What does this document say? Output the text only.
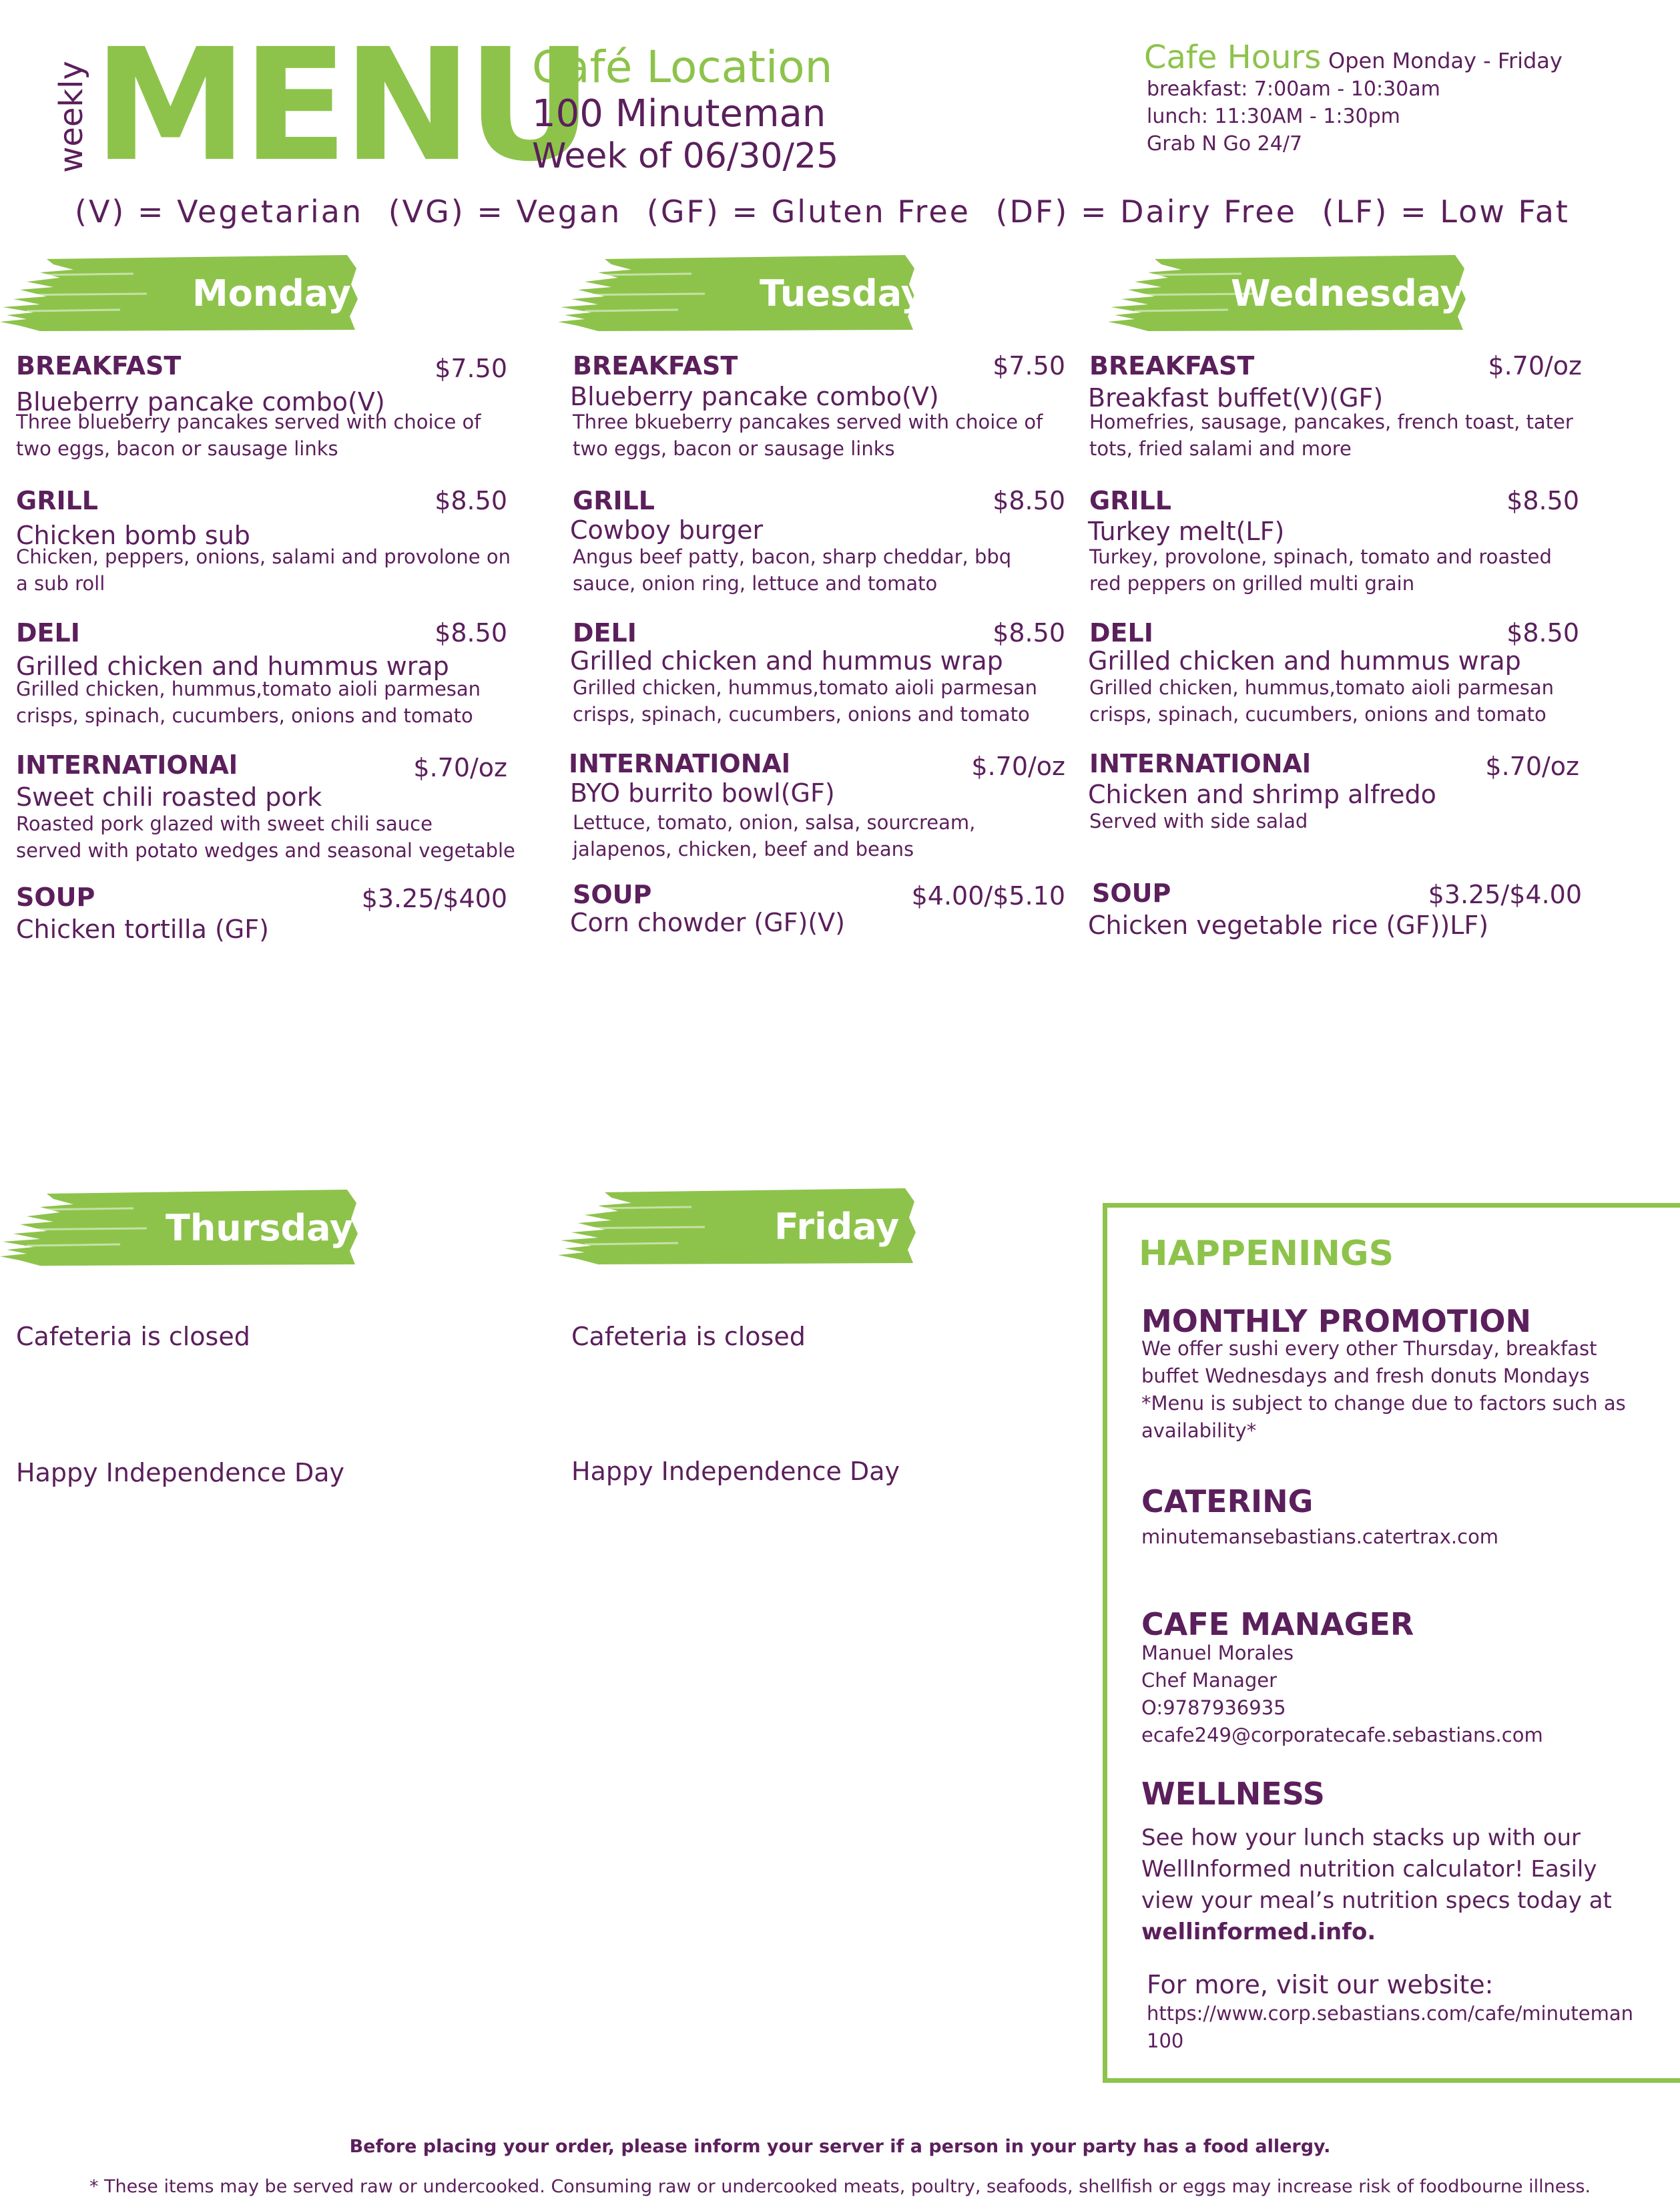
weekly MENU
Café Location
100 Minuteman
Week of 06/30/25
Cafe Hours Open Monday - Friday
breakfast: 7:00am - 10:30am
lunch: 11:30AM - 1:30pm
Grab N Go 24/7
(V) = Vegetarian (VG) = Vegan (GF) = Gluten Free (DF) = Dairy Free (LF) = Low Fat
Monday
BREAKFAST	$7.50
Blueberry pancake combo(V)
Three blueberry pancakes served with choice of
two eggs, bacon or sausage links
GRILL	$8.50
Chicken bomb sub
Chicken, peppers, onions, salami and provolone on
a sub roll
DELI	$8.50
Grilled chicken and hummus wrap
Grilled chicken, hummus,tomato aioli parmesan
crisps, spinach, cucumbers, onions and tomato
INTERNATIONAl	$.70/oz
Sweet chili roasted pork
Roasted pork glazed with sweet chili sauce
served with potato wedges and seasonal vegetable
SOUP	$3.25/$400
Chicken tortilla (GF)
Tuesday
BREAKFAST	$7.50
Blueberry pancake combo(V)
Three bkueberry pancakes served with choice of
two eggs, bacon or sausage links
GRILL	$8.50
Cowboy burger
Angus beef patty, bacon, sharp cheddar, bbq
sauce, onion ring, lettuce and tomato
DELI	$8.50
Grilled chicken and hummus wrap
Grilled chicken, hummus,tomato aioli parmesan
crisps, spinach, cucumbers, onions and tomato
INTERNATIONAl	$.70/oz
BYO burrito bowl(GF)
Lettuce, tomato, onion, salsa, sourcream,
jalapenos, chicken, beef and beans
SOUP	$4.00/$5.10
Corn chowder (GF)(V)
Wednesday
BREAKFAST	$.70/oz
Breakfast buffet(V)(GF)
Homefries, sausage, pancakes, french toast, tater
tots, fried salami and more
GRILL	$8.50
Turkey melt(LF)
Turkey, provolone, spinach, tomato and roasted
red peppers on grilled multi grain
DELI	$8.50
Grilled chicken and hummus wrap
Grilled chicken, hummus,tomato aioli parmesan
crisps, spinach, cucumbers, onions and tomato
INTERNATIONAl	$.70/oz
Chicken and shrimp alfredo
Served with side salad
SOUP	$3.25/$4.00
Chicken vegetable rice (GF))LF)
Thursday
Cafeteria is closed
Happy Independence Day
Friday
Cafeteria is closed
Happy Independence Day
HAPPENINGS
MONTHLY PROMOTION
We offer sushi every other Thursday, breakfast
buffet Wednesdays and fresh donuts Mondays
*Menu is subject to change due to factors such as
availability*
CATERING
minutemansebastians.catertrax.com
CAFE MANAGER
Manuel Morales
Chef Manager
O:9787936935
ecafe249@corporatecafe.sebastians.com
WELLNESS
See how your lunch stacks up with our
WellInformed nutrition calculator! Easily
view your meal’s nutrition specs today at
wellinformed.info.
For more, visit our website:
https://www.corp.sebastians.com/cafe/minuteman
100
Before placing your order, please inform your server if a person in your party has a food allergy.
* These items may be served raw or undercooked. Consuming raw or undercooked meats, poultry, seafoods, shellfish or eggs may increase risk of foodbourne illness.
